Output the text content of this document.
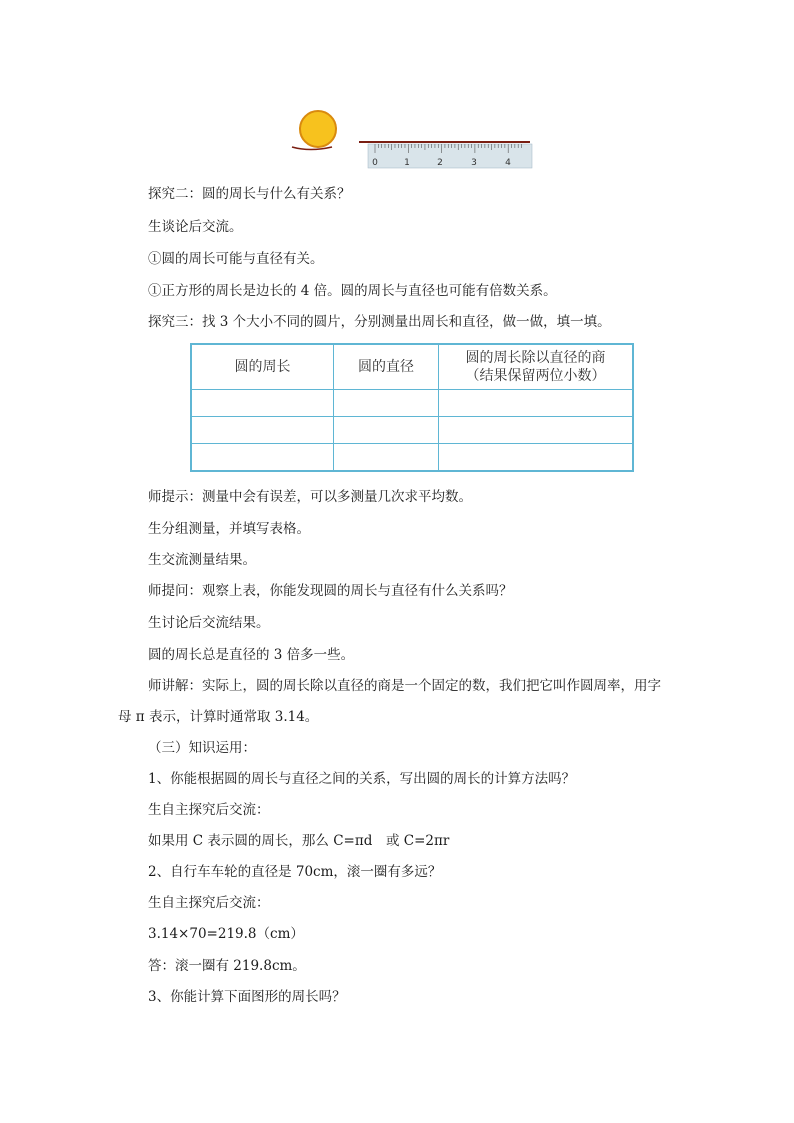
0	1	2	3	4
探究二：圆的周长与什么有关系？
生谈论后交流。
①圆的周长可能与直径有关。
①正方形的周长是边长的 4 倍。圆的周长与直径也可能有倍数关系。
探究三：找 3 个大小不同的圆片，分别测量出周长和直径，做一做，填一填。
圆的周长	圆的直径	圆的周长除以直径的商
（结果保留两位小数）

师提示：测量中会有误差，可以多测量几次求平均数。
生分组测量，并填写表格。
生交流测量结果。
师提问：观察上表，你能发现圆的周长与直径有什么关系吗？
生讨论后交流结果。
圆的周长总是直径的 3 倍多一些。
师讲解：实际上，圆的周长除以直径的商是一个固定的数，我们把它叫作圆周率，用字
母 π 表示，计算时通常取 3.14。
（三）知识运用：
1、你能根据圆的周长与直径之间的关系，写出圆的周长的计算方法吗？
生自主探究后交流：
如果用 C 表示圆的周长，那么 C=πd 或 C=2πr
2、自行车车轮的直径是 70cm，滚一圈有多远？
生自主探究后交流：
3.14×70=219.8（cm）
答：滚一圈有 219.8cm。
3、你能计算下面图形的周长吗？
